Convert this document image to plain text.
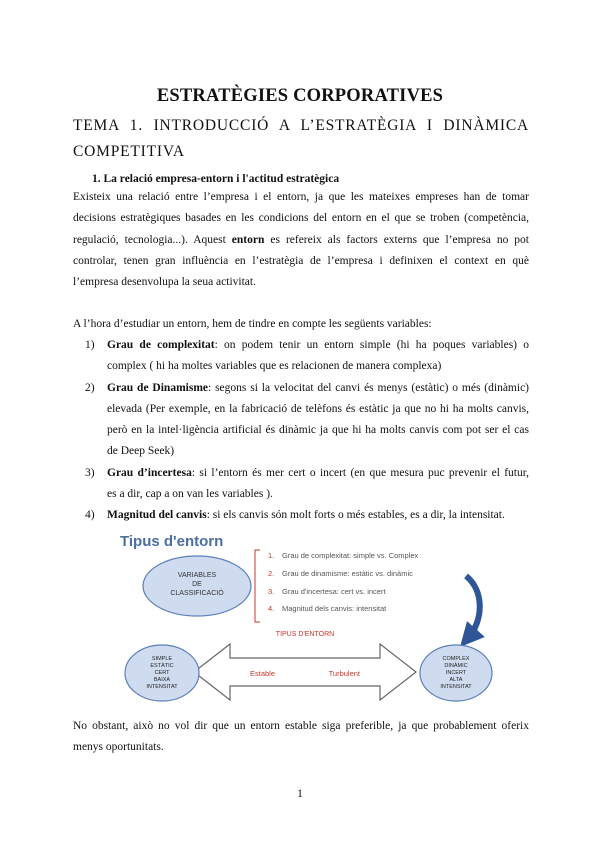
ESTRATÈGIES CORPORATIVES
TEMA 1. INTRODUCCIÓ A L’ESTRATÈGIA I DINÀMICA
COMPETITIVA
1. La relació empresa-entorn i l'actitud estratègica
Existeix una relació entre l’empresa i el entorn, ja que les mateixes empreses han de tomar
decisions estratègiques basades en les condicions del entorn en el que se troben (competència,
regulació, tecnologia...). Aquest entorn es refereix als factors externs que l’empresa no pot
controlar, tenen gran influència en l’estratègia de l’empresa i definixen el context en què
l’empresa desenvolupa la seua activitat.
A l’hora d’estudiar un entorn, hem de tindre en compte les següents variables:
1) Grau de complexitat: on podem tenir un entorn simple (hi ha poques variables) o
complex ( hi ha moltes variables que es relacionen de manera complexa)
2) Grau de Dinamisme: segons si la velocitat del canvi és menys (estàtic) o més (dinàmic)
elevada (Per exemple, en la fabricació de telèfons és estàtic ja que no hi ha molts canvis,
però en la intel·ligència artificial és dinàmic ja que hi ha molts canvis com pot ser el cas
de Deep Seek)
3) Grau d’incertesa: si l’entorn és mer cert o incert (en que mesura puc prevenir el futur,
es a dir, cap a on van les variables ).
4) Magnitud del canvis: si els canvis són molt forts o més estables, es a dir, la intensitat.
Tipus d'entorn
VARIABLES
DE
CLASSIFICACIÓ
1. Grau de complexitat: simple vs. Complex
2. Grau de dinamisme: estàtic vs. dinàmic
3. Grau d'incertesa: cert vs. incert
4. Magnitud dels canvis: intensitat
TIPUS D'ENTORN
Estable	Turbulent
SIMPLE
ESTÀTIC
CERT
BAIXA
INTENSITAT
COMPLEX
DINÀMIC
INCERT
ALTA
INTENSITAT
No obstant, això no vol dir que un entorn estable siga preferible, ja que probablement oferix
menys oportunitats.
1
